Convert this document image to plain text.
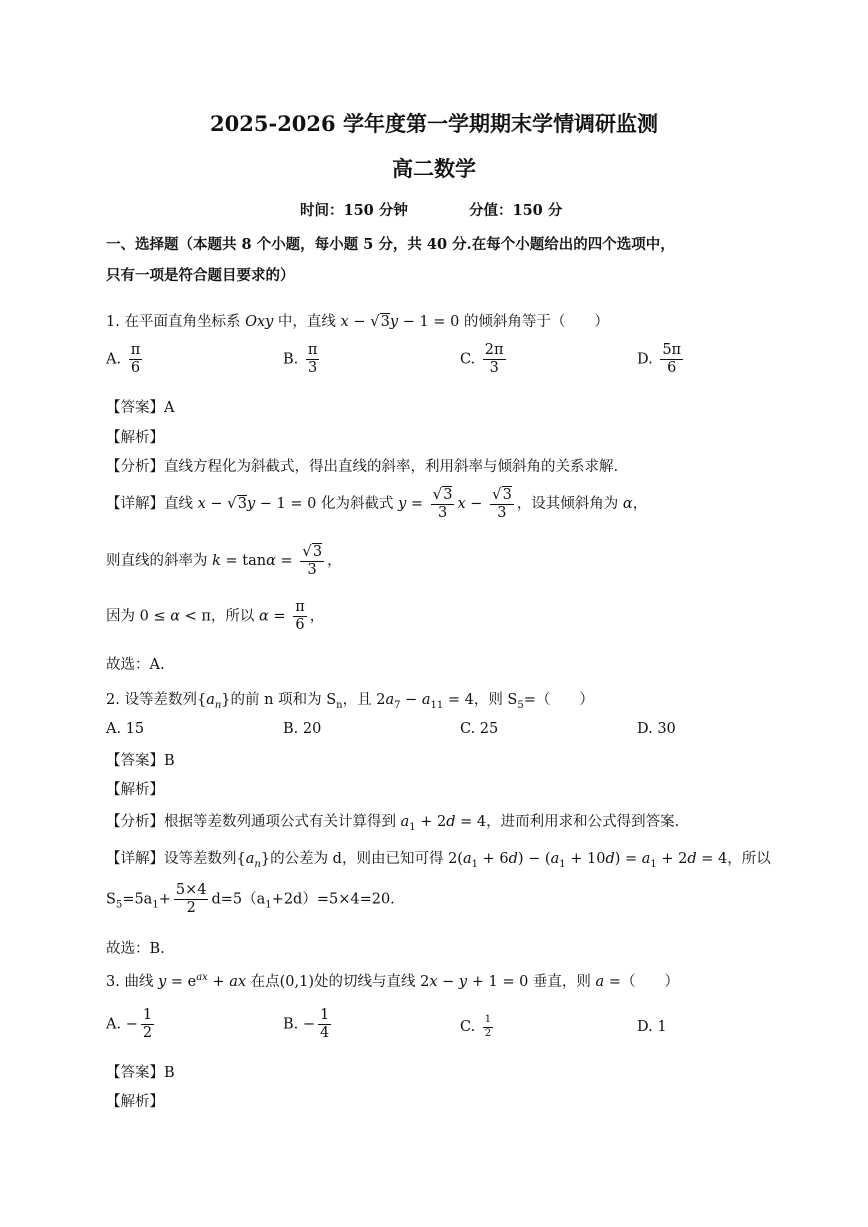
2025-2026 学年度第一学期期末学情调研监测
高二数学
时间：150 分钟	分值：150 分
一、选择题（本题共 8 个小题，每小题 5 分，共 40 分.在每个小题给出的四个选项中，
只有一项是符合题目要求的）
1. 在平面直角坐标系 Oxy 中，直线 x − √3y − 1 = 0 的倾斜角等于（　　）
A. $\frac{\pi}{6}$	B. $\frac{\pi}{3}$	C. $\frac{2\pi}{3}$	D. $\frac{5\pi}{6}$
【答案】A
【解析】
【分析】直线方程化为斜截式，得出直线的斜率，利用斜率与倾斜角的关系求解.
【详解】直线 x − √3y − 1 = 0 化为斜截式 $y = \frac{√3}{3}$ $x - \frac{√3}{3}$ ，设其倾斜角为 α，
则直线的斜率为 $k = \tan\alpha = \frac{√3}{3}$ ，
因为 0 ≤ α < π，所以 $\alpha = \frac{\pi}{6}$ ，
故选：A.
2. 设等差数列$\{a_n\}$的前 n 项和为 $S_n$，且 $2a_7 - a_{11} = 4$，则 $S_5=$（　　）
A. 15	B. 20	C. 25	D. 30
【答案】B
【解析】
【分析】根据等差数列通项公式有关计算得到 $a_1 + 2d = 4$，进而利用求和公式得到答案.
【详解】设等差数列$\{a_n\}$的公差为 d，则由已知可得 $2(a_1 + 6d) - (a_1 + 10d) = a_1 + 2d = 4$，所以
$S_5=5a_1+ \frac{5\times 4}{2} d=5(a_1+2d)=5\times 4=20$.
故选：B.
3. 曲线 $y = e^{ax}$ + ax 在点(0,1)处的切线与直线 2x − y + 1 = 0 垂直，则 a =（　　）
A. − $\frac{1}{2}$	B. − $\frac{1}{4}$	C. $\frac{1}{2}$	D. 1
【答案】B
【解析】
